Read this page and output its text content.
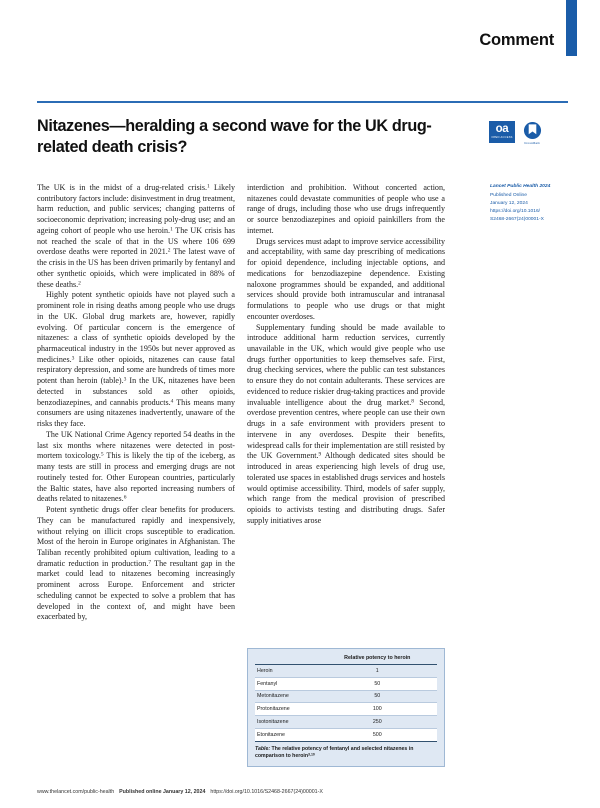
Comment
Nitazenes—heralding a second wave for the UK drug-related death crisis?
oa
OPEN ACCESS
CrossMark

The UK is in the midst of a drug-related crisis.$^1$ Likely contributory factors include: disinvestment in drug treatment, harm reduction, and public services; changing patterns of socioeconomic deprivation; increasing poly-drug use; and an ageing cohort of people who use heroin.$^1$ The UK crisis has not reached the scale of that in the US where 106 699 overdose deaths were reported in 2021.$^2$ The latest wave of the crisis in the US has been driven primarily by fentanyl and other synthetic opioids, which were implicated in 88% of these deaths.$^2$

Highly potent synthetic opioids have not played such a prominent role in rising deaths among people who use drugs in the UK. Global drug markets are, however, rapidly evolving. Of particular concern is the emergence of nitazenes: a class of synthetic opioids developed by the pharmaceutical industry in the 1950s but never approved as medicines.$^3$ Like other opioids, nitazenes can cause fatal respiratory depression, and some are hundreds of times more potent than heroin (table).$^3$ In the UK, nitazenes have been detected in substances sold as other opioids, benzodiazepines, and cannabis products.$^4$ This means many consumers are using nitazenes inadvertently, unaware of the risks they face.

The UK National Crime Agency reported 54 deaths in the last six months where nitazenes were detected in post-mortem toxicology.$^5$ This is likely the tip of the iceberg, as many tests are still in process and emerging drugs are not routinely tested for. Other European countries, particularly the Baltic states, have also reported increasing numbers of deaths related to nitazenes.$^6$

Potent synthetic drugs offer clear benefits for producers. They can be manufactured rapidly and inexpensively, without relying on illicit crops susceptible to eradication. Most of the heroin in Europe originates in Afghanistan. The Taliban recently prohibited opium cultivation, leading to a dramatic reduction in production.$^7$ The resultant gap in the market could lead to nitazenes becoming increasingly prominent across Europe. Enforcement and stricter scheduling cannot be expected to solve a problem that has developed in the context of, and might have been exacerbated by,

interdiction and prohibition. Without concerted action, nitazenes could devastate communities of people who use a range of drugs, including those who use drugs infrequently or source benzodiazepines and opioid painkillers from the internet.

Drugs services must adapt to improve service accessibility and acceptability, with same day prescribing of medications for opioid dependence, including injectable options, and medications for benzodiazepine dependence. Existing naloxone programmes should be expanded, and additional services should provide both intramuscular and intranasal formulations to people who use drugs or that might encounter overdoses.

Supplementary funding should be made available to introduce additional harm reduction services, currently unavailable in the UK, which would give people who use drugs further opportunities to keep themselves safe. First, drug checking services, where the public can test substances to ensure they do not contain adulterants. These services are evidenced to reduce riskier drug-taking practices and provide invaluable intelligence about the drug market.$^8$ Second, overdose prevention centres, where people can use their own drugs in a safe environment with providers present to intervene in any overdoses. Despite their benefits, widespread calls for their implementation are still resisted by the UK Government.$^9$ Although dedicated sites should be introduced in areas experiencing high levels of drug use, tolerated use spaces in established drugs services and hostels would optimise accessibility. Third, models of safer supply, which range from the medical provision of prescribed opioids to activists testing and distributing drugs. Safer supply initiatives arose

Lancet Public Health 2024
Published Online
January 12, 2024
https://doi.org/10.1016/
S2468-2667(24)00001-X
	Relative potency to heroin
Heroin	1
Fentanyl	50
Metonitazene	50
Protonitazene	100
Isotonitazene	250
Etonitazene	500
Table: The relative potency of fentanyl and selected nitazenes in comparison to heroin$^{3,10}$
www.thelancet.com/public-health Published online January 12, 2024 https://doi.org/10.1016/S2468-2667(24)00001-X
